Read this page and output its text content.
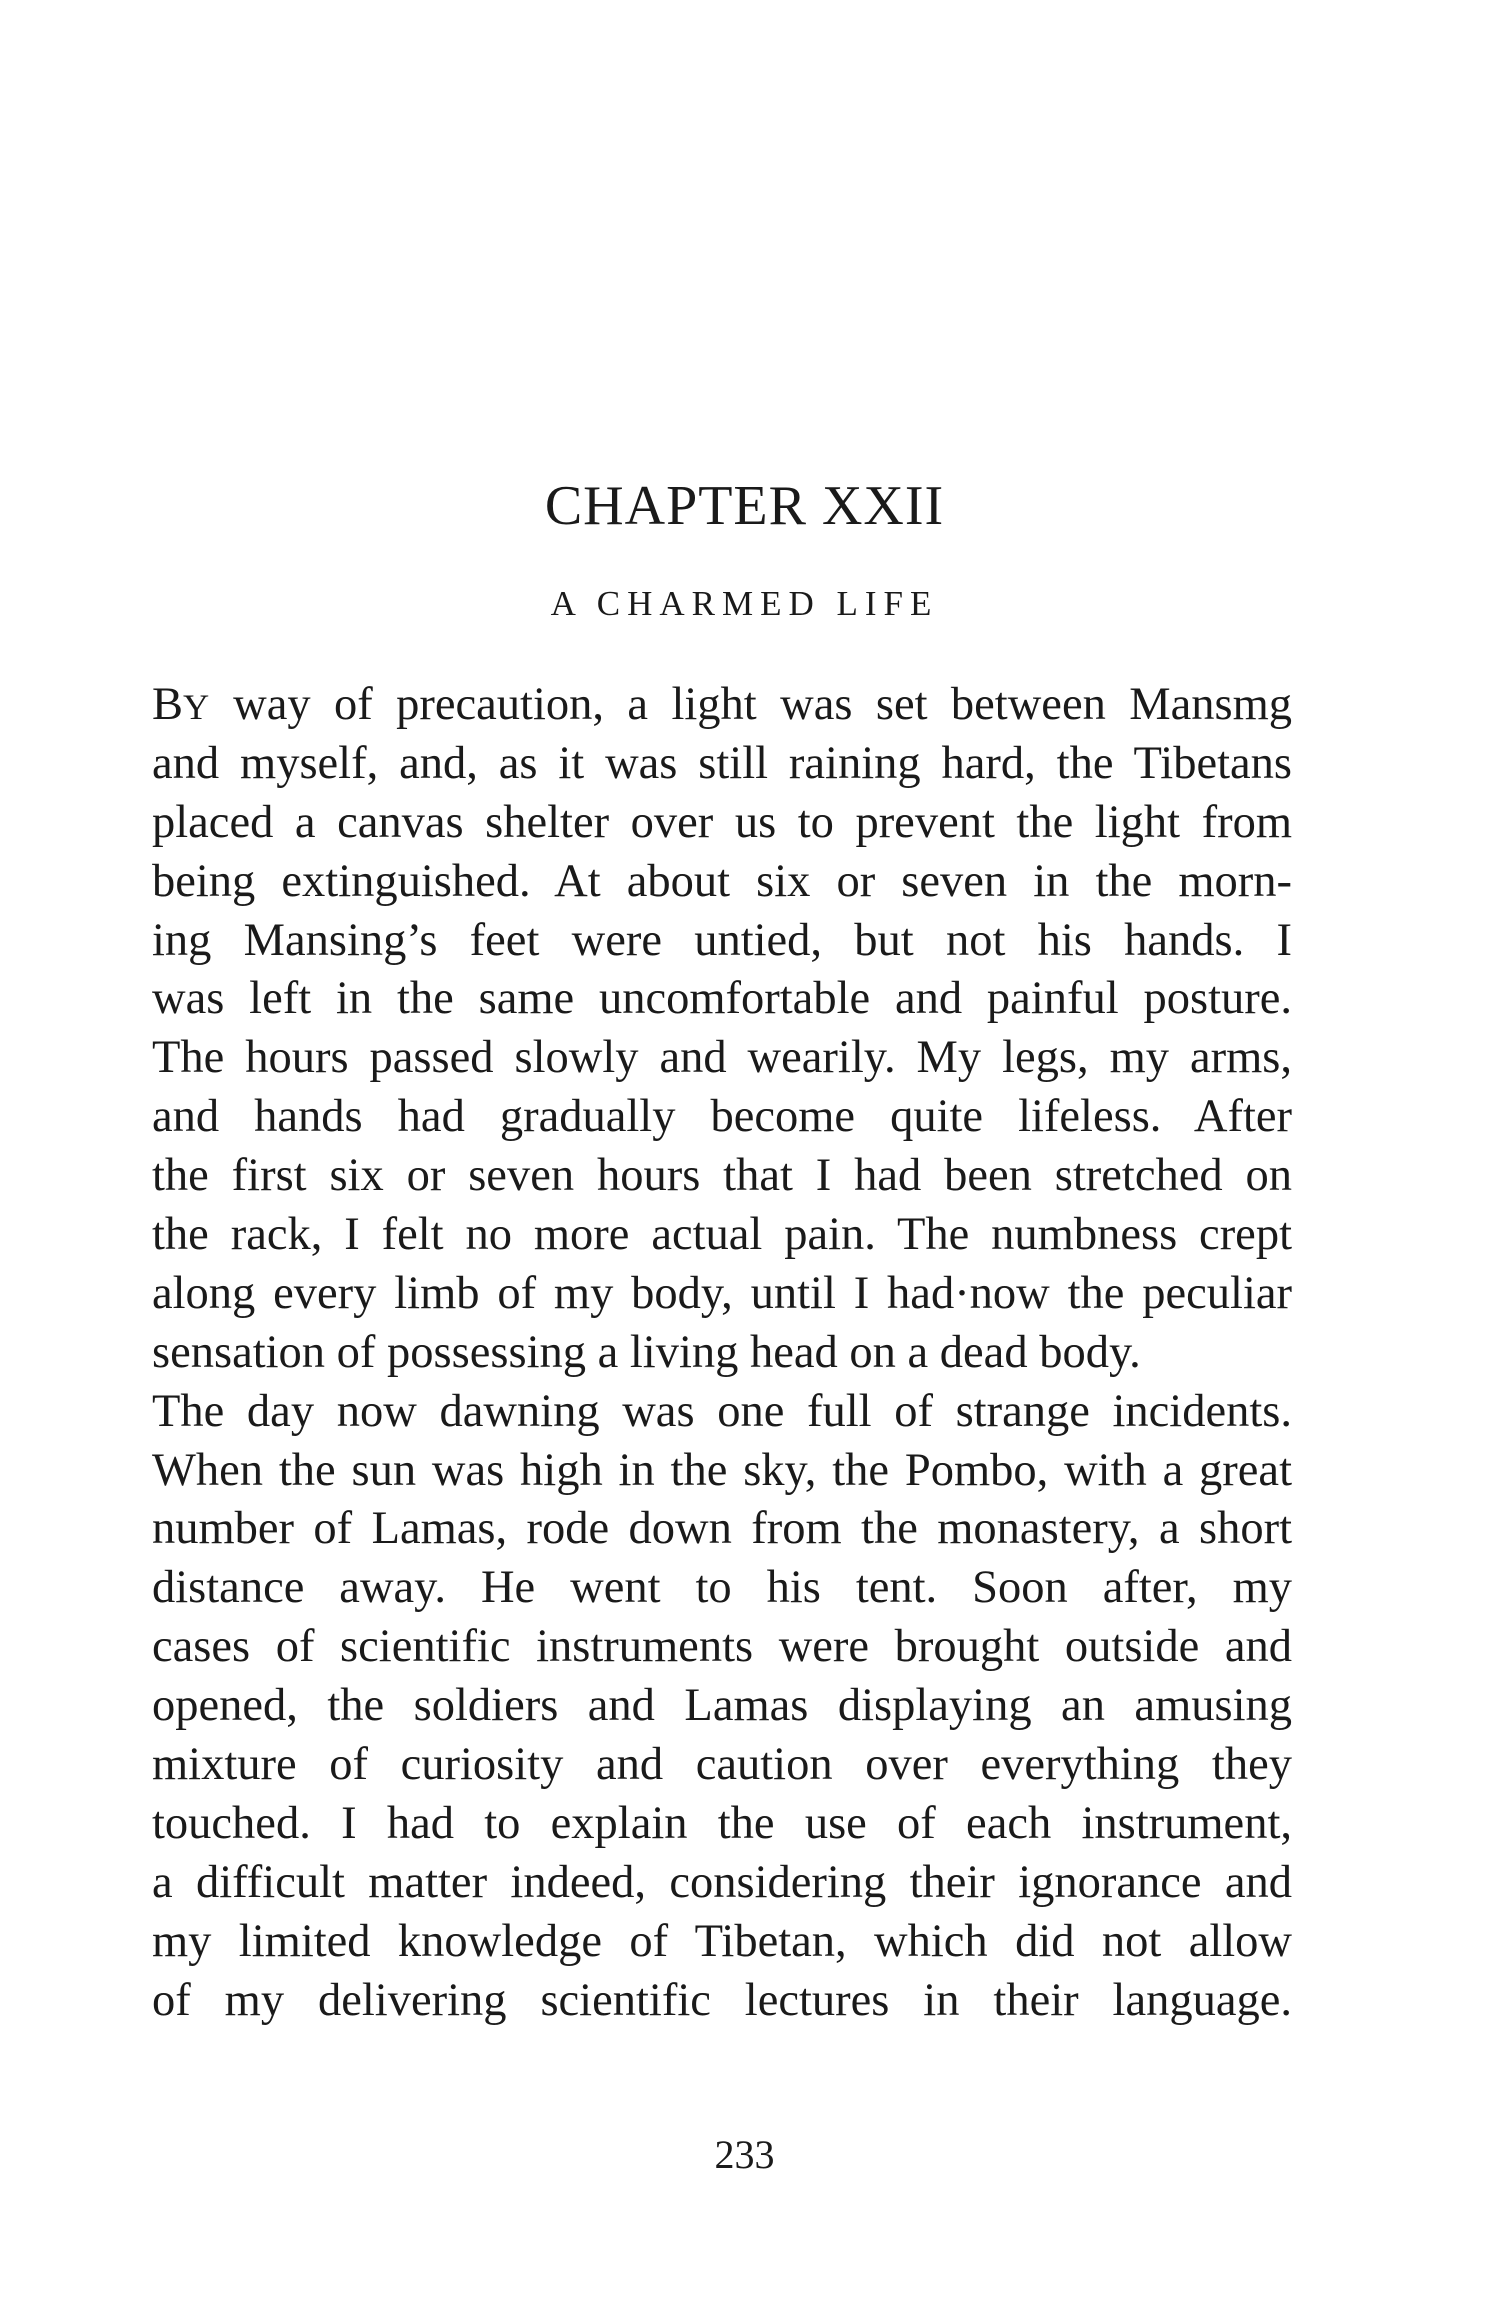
CHAPTER XXII
A CHARMED LIFE
BY way of precaution, a light was set between Mansmg
and myself, and, as it was still raining hard, the Tibetans
placed a canvas shelter over us to prevent the light from
being extinguished. At about six or seven in the morn-
ing Mansing’s feet were untied, but not his hands. I
was left in the same uncomfortable and painful posture.
The hours passed slowly and wearily. My legs, my arms,
and hands had gradually become quite lifeless. After
the first six or seven hours that I had been stretched on
the rack, I felt no more actual pain. The numbness crept
along every limb of my body, until I had·now the peculiar
sensation of possessing a living head on a dead body.
The day now dawning was one full of strange incidents.
When the sun was high in the sky, the Pombo, with a great
number of Lamas, rode down from the monastery, a short
distance away. He went to his tent. Soon after, my
cases of scientific instruments were brought outside and
opened, the soldiers and Lamas displaying an amusing
mixture of curiosity and caution over everything they
touched. I had to explain the use of each instrument,
a difficult matter indeed, considering their ignorance and
my limited knowledge of Tibetan, which did not allow
of my delivering scientific lectures in their language.
233
